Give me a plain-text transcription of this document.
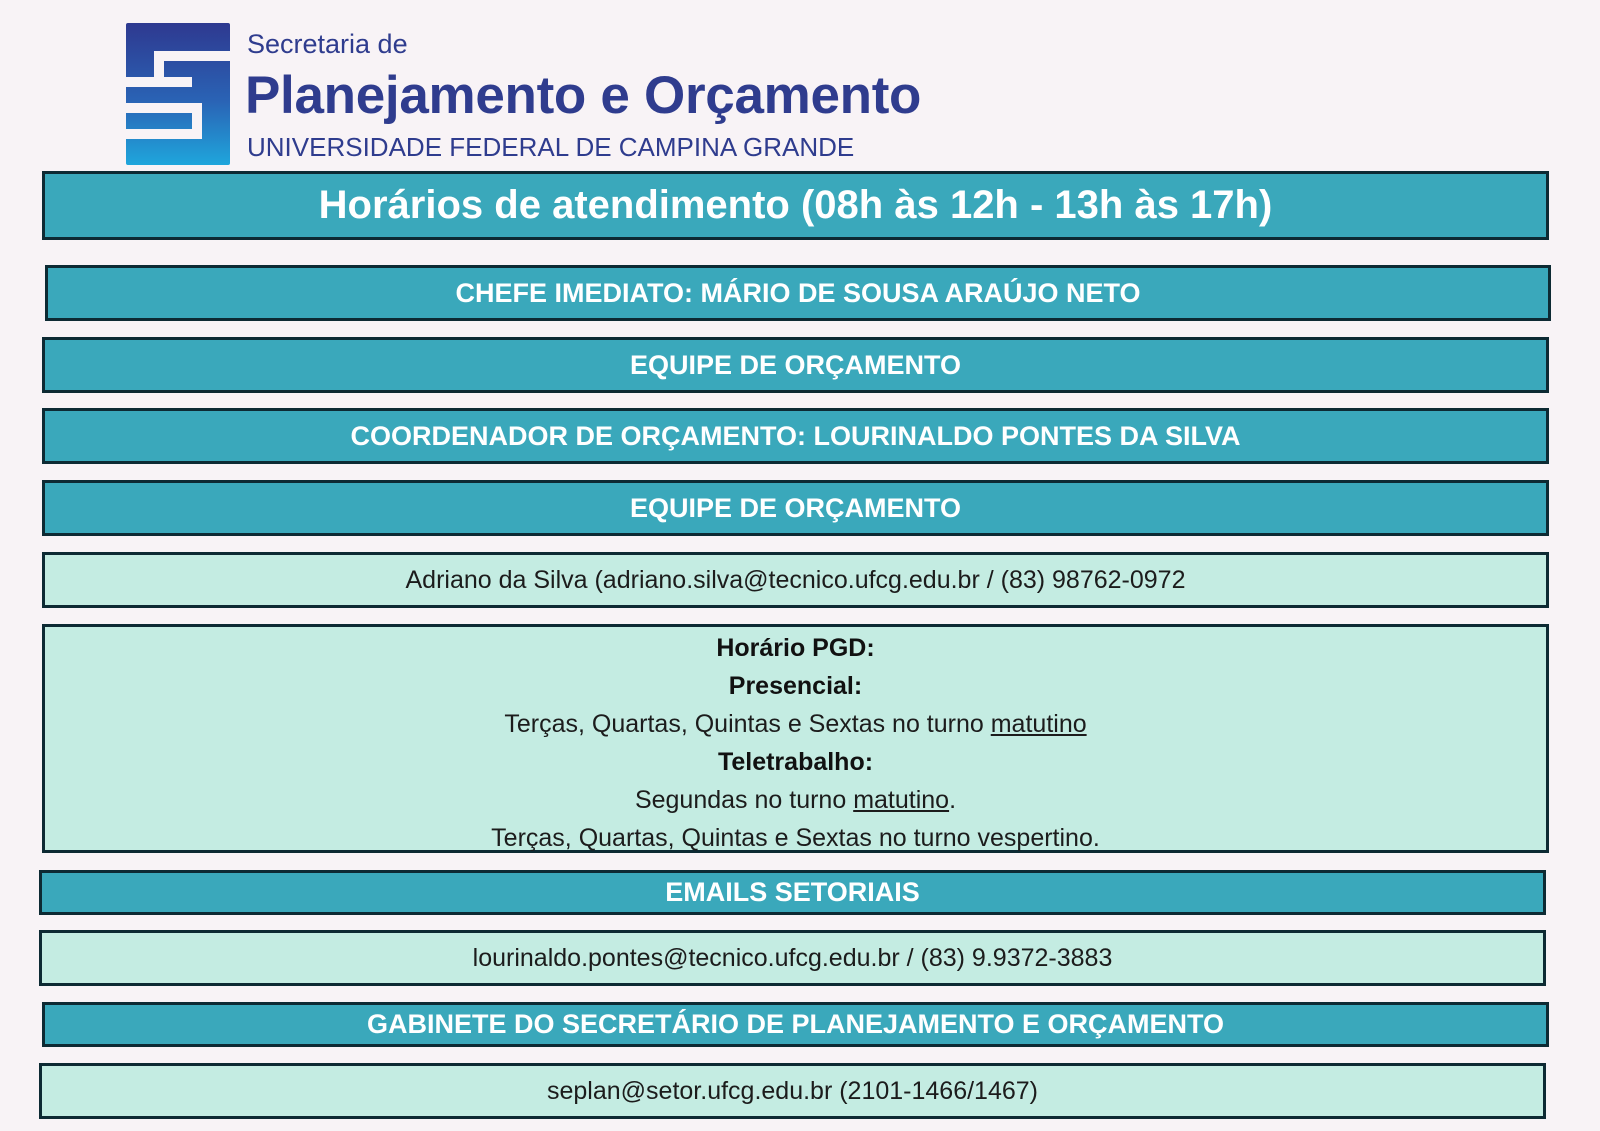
Secretaria de
Planejamento e Orçamento
UNIVERSIDADE FEDERAL DE CAMPINA GRANDE
Horários de atendimento (08h às 12h - 13h às 17h)
CHEFE IMEDIATO: MÁRIO DE SOUSA ARAÚJO NETO
EQUIPE DE ORÇAMENTO
COORDENADOR DE ORÇAMENTO: LOURINALDO PONTES DA SILVA
EQUIPE DE ORÇAMENTO
Adriano da Silva (adriano.silva@tecnico.ufcg.edu.br / (83) 98762-0972
Horário PGD:
Presencial:
Terças, Quartas, Quintas e Sextas no turno matutino
Teletrabalho:
Segundas no turno matutino.
Terças, Quartas, Quintas e Sextas no turno vespertino.
EMAILS SETORIAIS
lourinaldo.pontes@tecnico.ufcg.edu.br / (83) 9.9372-3883
GABINETE DO SECRETÁRIO DE PLANEJAMENTO E ORÇAMENTO
seplan@setor.ufcg.edu.br (2101-1466/1467)
